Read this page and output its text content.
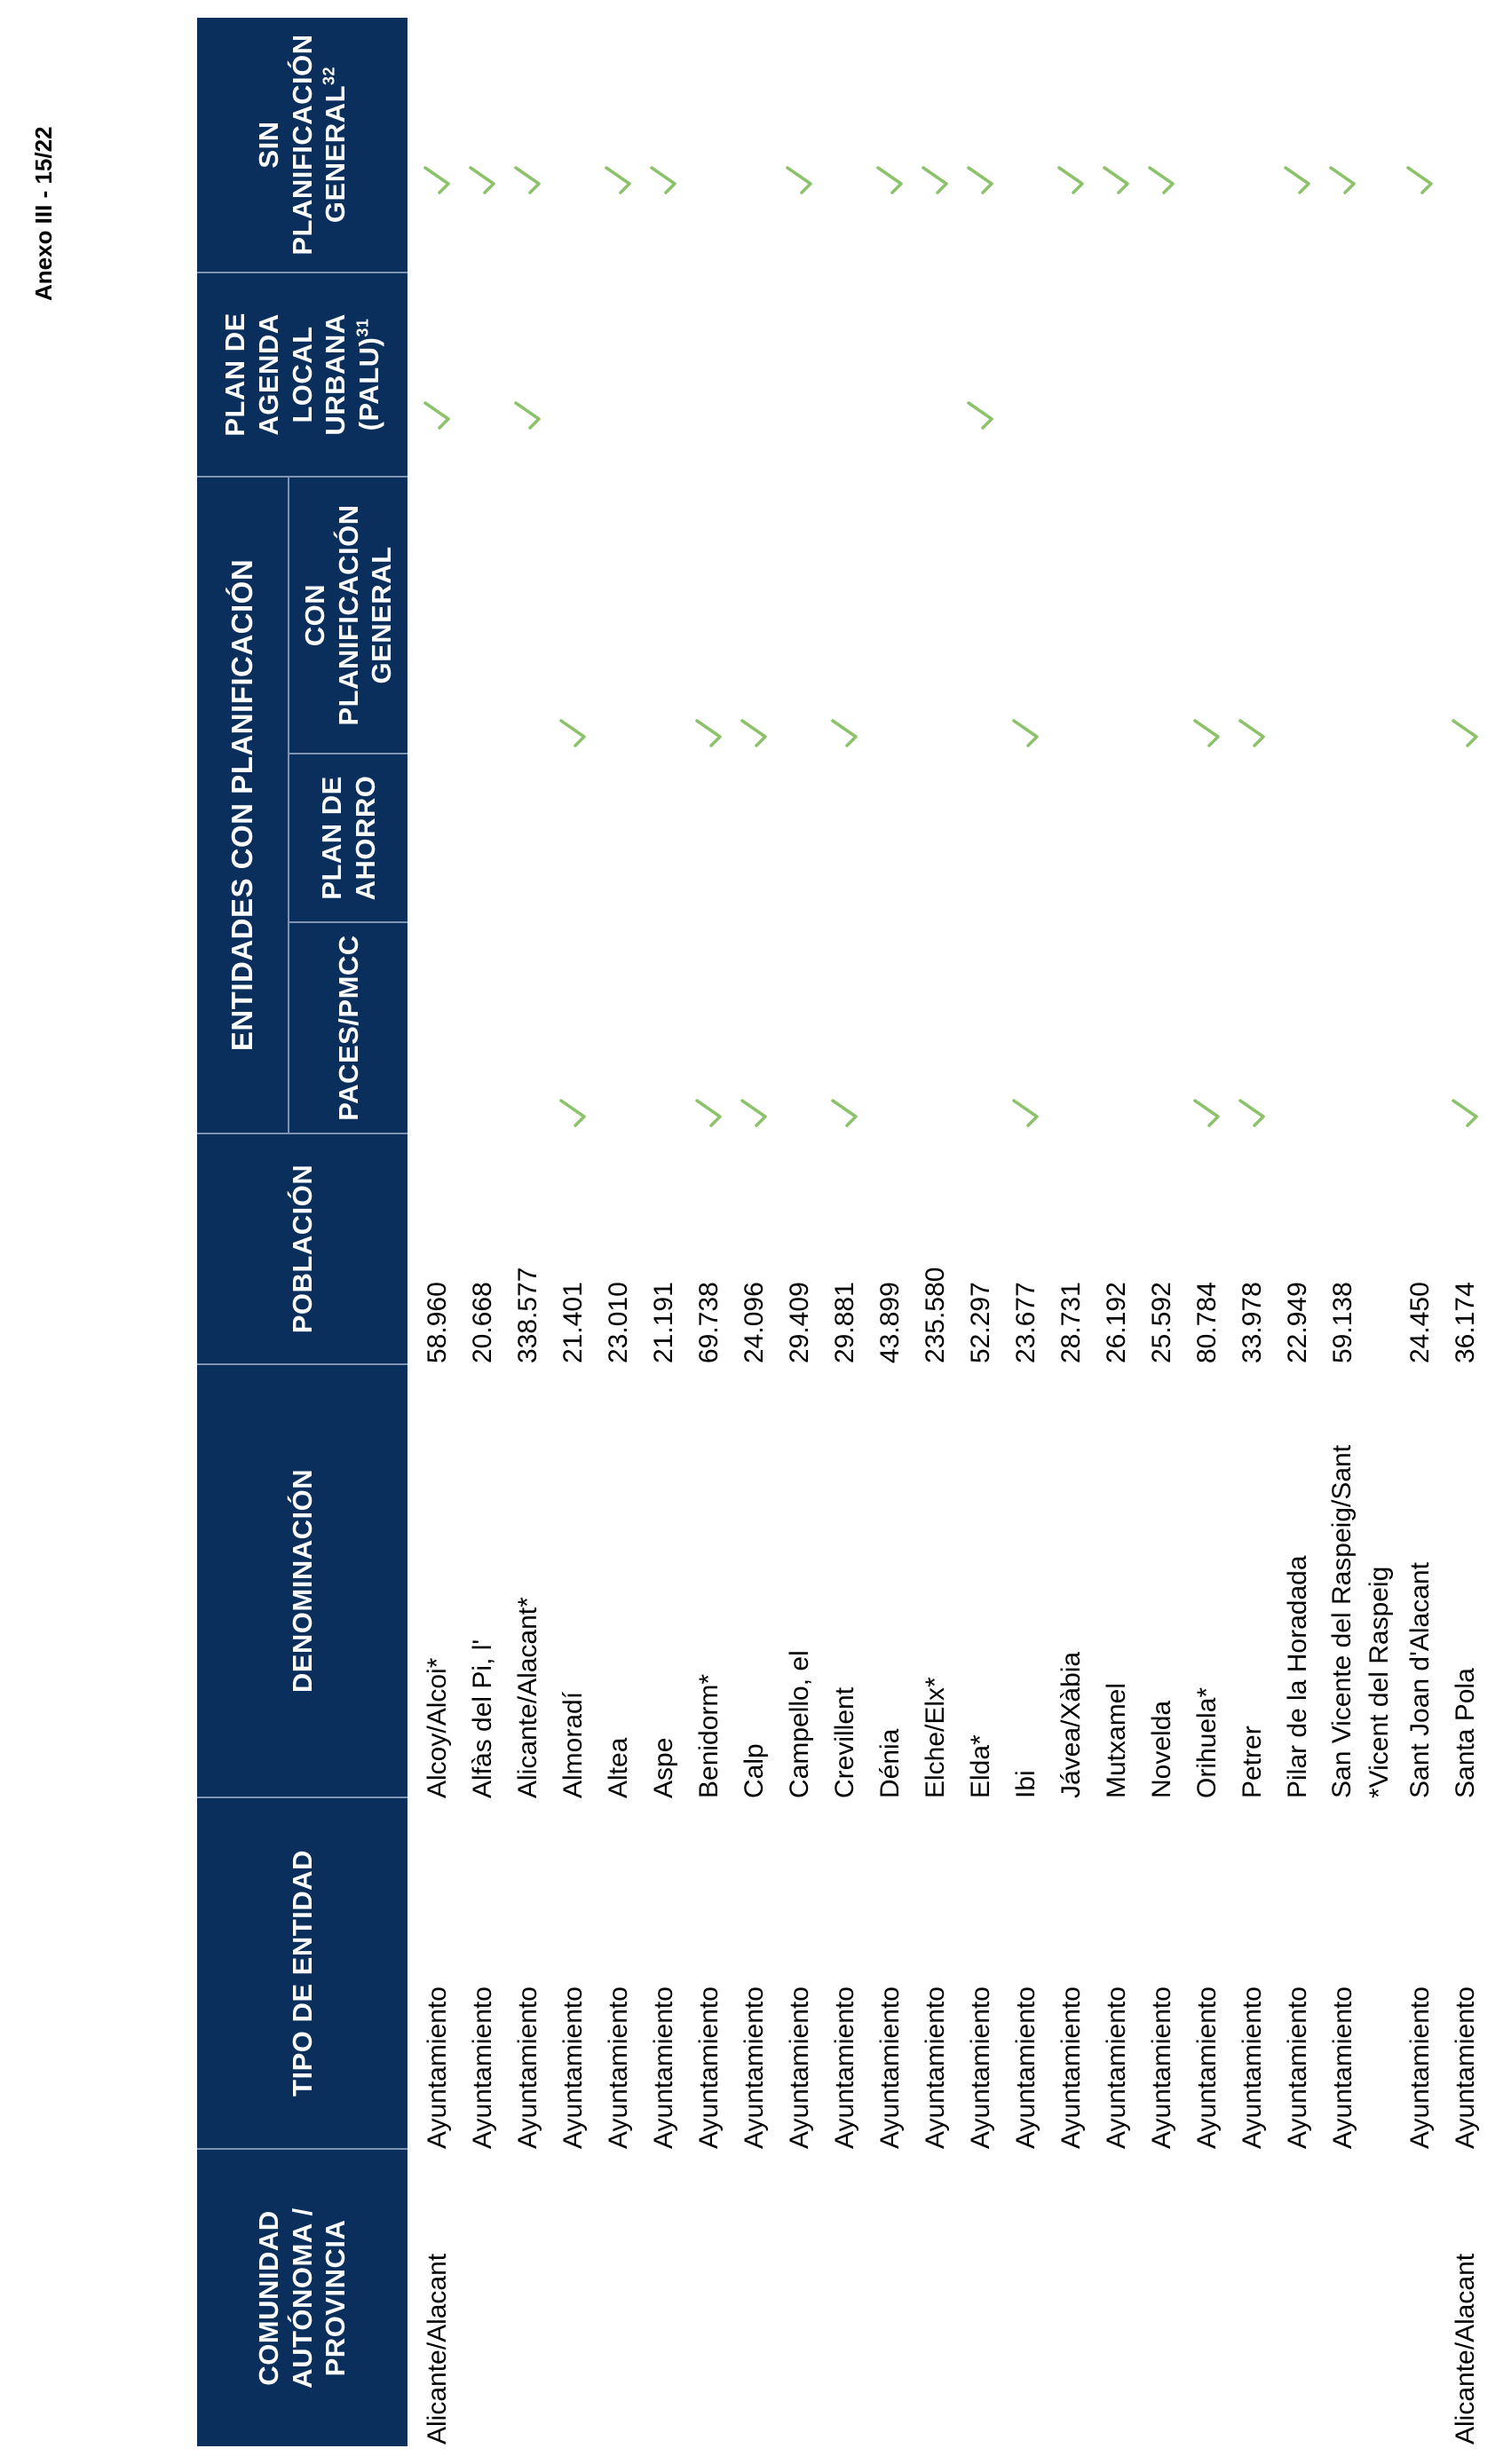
Anexo III - 15/22
COMUNIDAD AUTÓNOMA / PROVINCIA
TIPO DE ENTIDAD
DENOMINACIÓN
POBLACIÓN
ENTIDADES CON PLANIFICACIÓN	PACES/PMCC
PLAN DE AHORRO
CON PLANIFICACIÓN GENERAL
PLAN DE AGENDA LOCAL URBANA (PALU)$^{31}$
SIN PLANIFICACIÓN GENERAL$^{32}$
Alicante/Alacant
Ayuntamiento
Alcoy/Alcoi*
58.960
Ayuntamiento
Alfàs del Pi, l'
20.668
Ayuntamiento
Alicante/Alacant*
338.577
Ayuntamiento
Almoradí
21.401
Ayuntamiento
Altea
23.010
Ayuntamiento
Aspe
21.191
Ayuntamiento
Benidorm*
69.738
Ayuntamiento
Calp
24.096
Ayuntamiento
Campello, el
29.409
Ayuntamiento
Crevillent
29.881
Ayuntamiento
Dénia
43.899
Ayuntamiento
Elche/Elx*
235.580
Ayuntamiento
Elda*
52.297
Ayuntamiento
Ibi
23.677
Ayuntamiento
Jávea/Xàbia
28.731
Ayuntamiento
Mutxamel
26.192
Ayuntamiento
Novelda
25.592
Ayuntamiento
Orihuela*
80.784
Ayuntamiento
Petrer
33.978
Ayuntamiento
Pilar de la Horadada
22.949
Ayuntamiento
San Vicente del Raspeig/Sant *Vicent del Raspeig
59.138
Ayuntamiento
Sant Joan d'Alacant
24.450
Alicante/Alacant
Ayuntamiento
Santa Pola
36.174
